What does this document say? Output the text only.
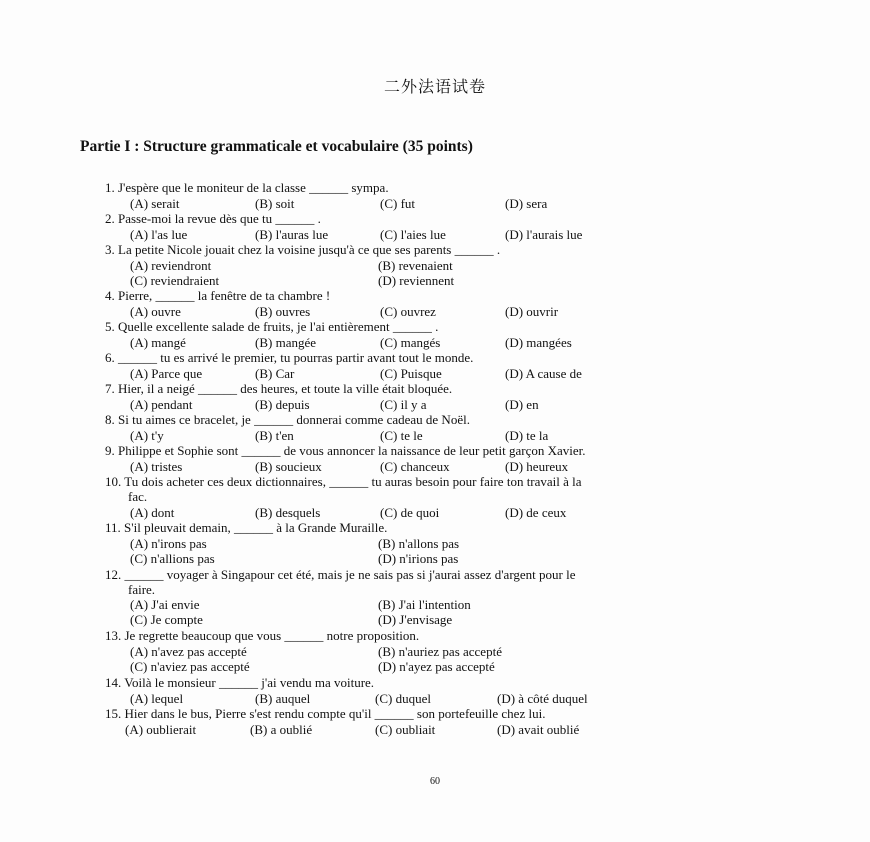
二外法语试卷
Partie I : Structure grammaticale et vocabulaire (35 points)
1. J'espère que le moniteur de la classe ______ sympa.
(A) serait	(B) soit	(C) fut	(D) sera
2. Passe-moi la revue dès que tu ______ .
(A) l'as lue	(B) l'auras lue	(C) l'aies lue	(D) l'aurais lue
3. La petite Nicole jouait chez la voisine jusqu'à ce que ses parents ______ .
(A) reviendront	(B) revenaient
(C) reviendraient	(D) reviennent
4. Pierre, ______ la fenêtre de ta chambre !
(A) ouvre	(B) ouvres	(C) ouvrez	(D) ouvrir
5. Quelle excellente salade de fruits, je l'ai entièrement ______ .
(A) mangé	(B) mangée	(C) mangés	(D) mangées
6. ______ tu es arrivé le premier, tu pourras partir avant tout le monde.
(A) Parce que	(B) Car	(C) Puisque	(D) A cause de
7. Hier, il a neigé ______ des heures, et toute la ville était bloquée.
(A) pendant	(B) depuis	(C) il y a	(D) en
8. Si tu aimes ce bracelet, je ______ donnerai comme cadeau de Noël.
(A) t'y	(B) t'en	(C) te le	(D) te la
9. Philippe et Sophie sont ______ de vous annoncer la naissance de leur petit garçon Xavier.
(A) tristes	(B) soucieux	(C) chanceux	(D) heureux
10. Tu dois acheter ces deux dictionnaires, ______ tu auras besoin pour faire ton travail à la
fac.
(A) dont	(B) desquels	(C) de quoi	(D) de ceux
11. S'il pleuvait demain, ______ à la Grande Muraille.
(A) n'irons pas	(B) n'allons pas
(C) n'allions pas	(D) n'irions pas
12. ______ voyager à Singapour cet été, mais je ne sais pas si j'aurai assez d'argent pour le
faire.
(A) J'ai envie	(B) J'ai l'intention
(C) Je compte	(D) J'envisage
13. Je regrette beaucoup que vous ______ notre proposition.
(A) n'avez pas accepté	(B) n'auriez pas accepté
(C) n'aviez pas accepté	(D) n'ayez pas accepté
14. Voilà le monsieur ______ j'ai vendu ma voiture.
(A) lequel	(B) auquel	(C) duquel	(D) à côté duquel
15. Hier dans le bus, Pierre s'est rendu compte qu'il ______ son portefeuille chez lui.
(A) oublierait	(B) a oublié	(C) oubliait	(D) avait oublié
60
